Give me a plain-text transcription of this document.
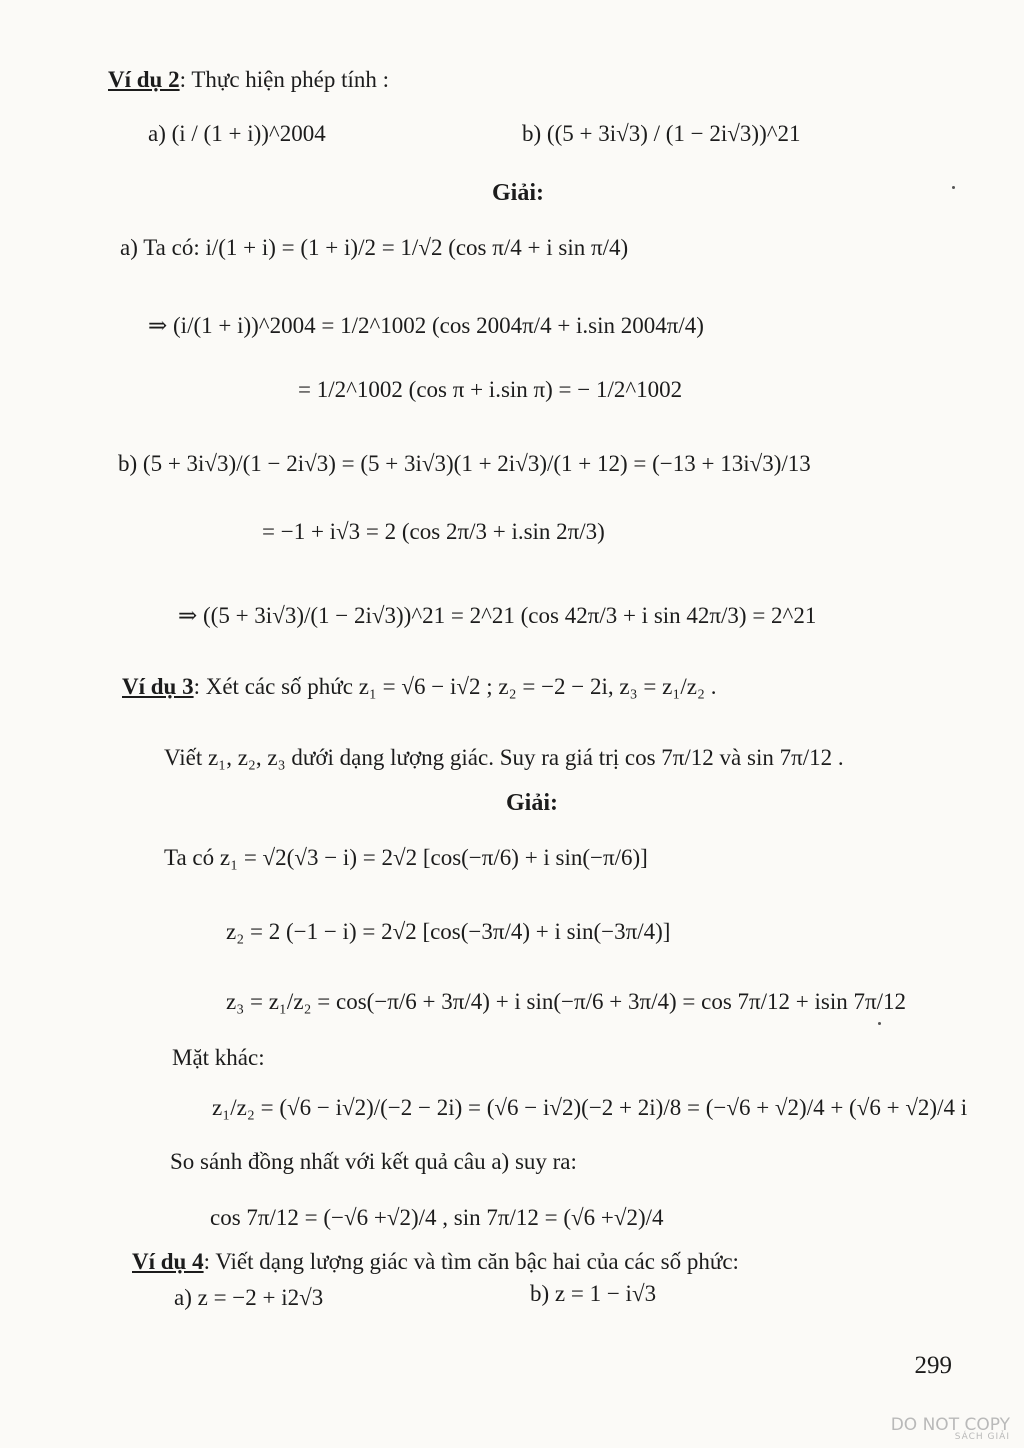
Ví dụ 2: Thực hiện phép tính :
a) (i / (1 + i))^2004	b) ((5 + 3i√3) / (1 − 2i√3))^21
Giải:
a) Ta có: i/(1 + i) = (1 + i)/2 = 1/√2 (cos π/4 + i sin π/4)
⇒ (i/(1 + i))^2004 = 1/2^1002 (cos 2004π/4 + i.sin 2004π/4)
= 1/2^1002 (cos π + i.sin π) = − 1/2^1002
b) (5 + 3i√3)/(1 − 2i√3) = (5 + 3i√3)(1 + 2i√3)/(1 + 12) = (−13 + 13i√3)/13
= −1 + i√3 = 2 (cos 2π/3 + i.sin 2π/3)
⇒ ((5 + 3i√3)/(1 − 2i√3))^21 = 2^21 (cos 42π/3 + i sin 42π/3) = 2^21
Ví dụ 3: Xét các số phức z₁ = √6 − i√2 ; z₂ = −2 − 2i, z₃ = z₁/z₂ .
Viết z₁, z₂, z₃ dưới dạng lượng giác. Suy ra giá trị cos 7π/12 và sin 7π/12 .
Giải:
Ta có z₁ = √2(√3 − i) = 2√2 [cos(−π/6) + i sin(−π/6)]
z₂ = 2 (−1 − i) = 2√2 [cos(−3π/4) + i sin(−3π/4)]
z₃ = z₁/z₂ = cos(−π/6 + 3π/4) + i sin(−π/6 + 3π/4) = cos 7π/12 + isin 7π/12
Mặt khác:
z₁/z₂ = (√6 − i√2)/(−2 − 2i) = (√6 − i√2)(−2 + 2i)/8 = (−√6 + √2)/4 + (√6 + √2)/4 i
So sánh đồng nhất với kết quả câu a) suy ra:
cos 7π/12 = (−√6 +√2)/4 , sin 7π/12 = (√6 +√2)/4
Ví dụ 4: Viết dạng lượng giác và tìm căn bậc hai của các số phức:
a) z = −2 + i2√3	b) z = 1 − i√3
299
DO NOT COPY
SÁCH GIẢI
